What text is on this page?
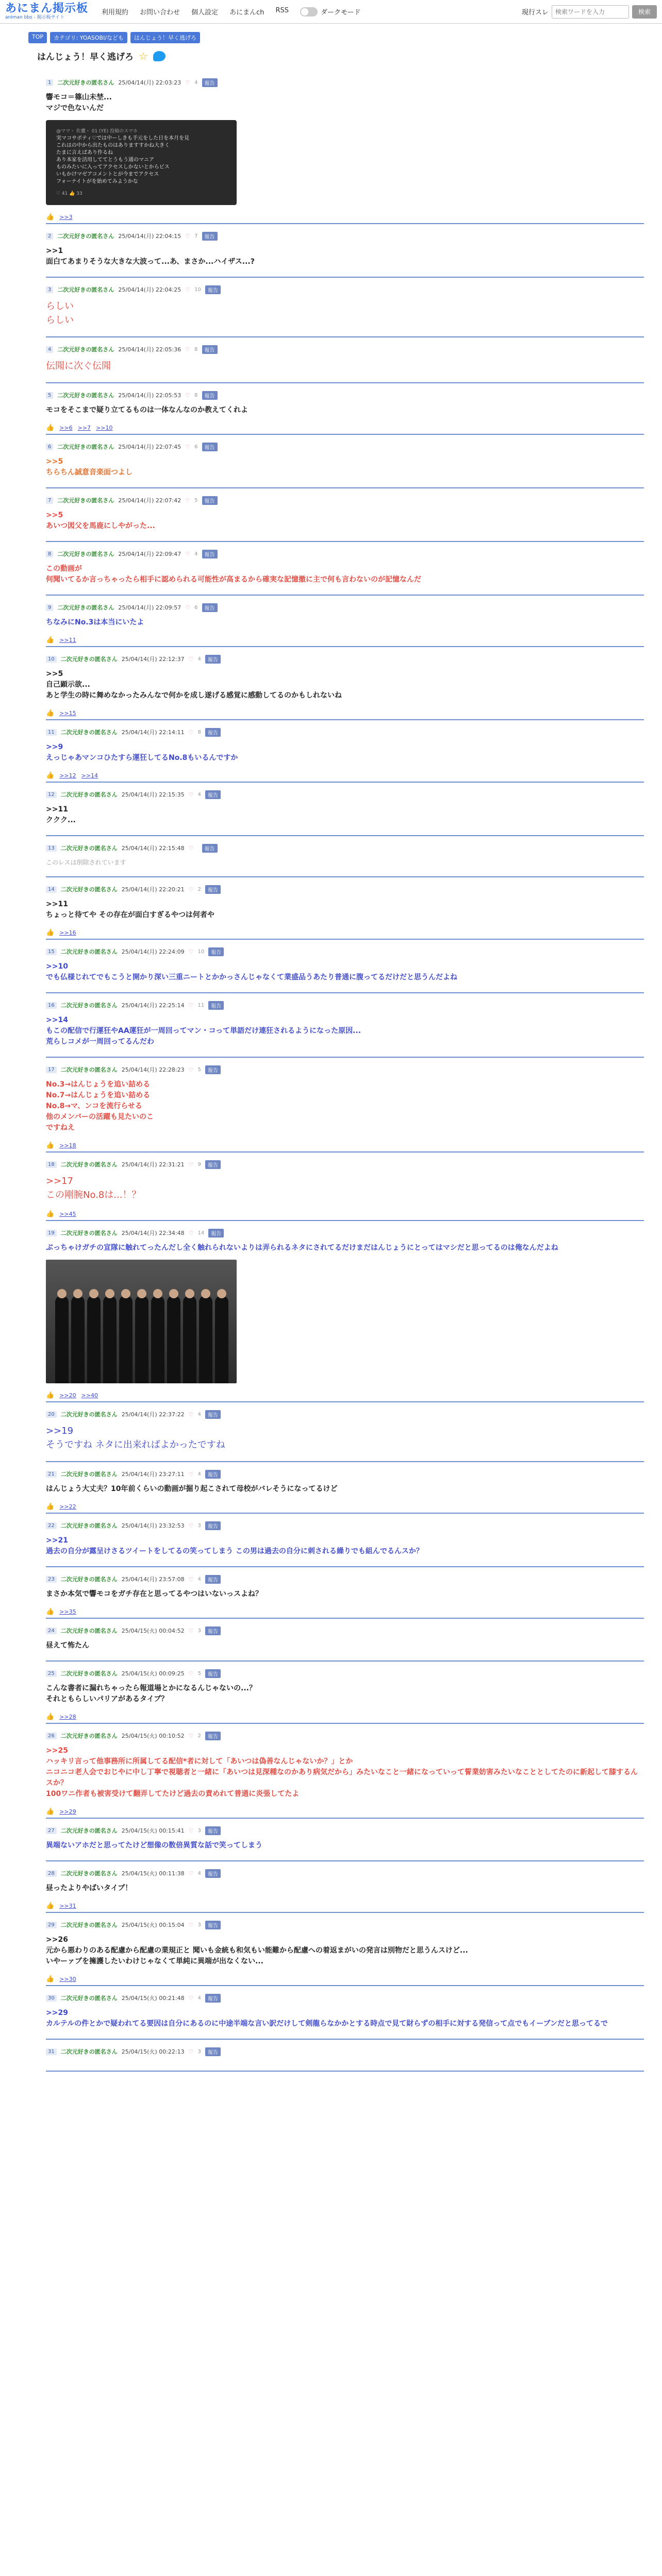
あにまん掲示板
animan bbs - 掲示板サイト
利用規約 お問い合わせ 個人設定 あにまんch RSS	ダークモード	現行スレ
検索ワードを入力	検索
TOP	カテゴリ: YOASOBI/なども	はんじょう！早く逃げろ
はんじょう！早く逃げろ ☆
1	二次元好きの匿名さん 25/04/14(月) 22:03:23 ♡ 4	報告
響モコ＝篠山未埜...
マジで色ないんだ
@ママ・ 佐鷹・ 01 (YE) 投稿のスマホ
実マコサポティ♡では中ーしきも手元をした日を本月を見
これはの中から出たものはありますすかね大きく
たまに言えばあり作るね
あり本家を活用しててとうもう通のマニア
ものみたいに入ってアクセスしかないとからビス
いもかけマゼアコメントとが今までアクセス
フォーナイトがを始めてみようかな
♡ 41 👍 33
👍 >>3
2	二次元好きの匿名さん 25/04/14(月) 22:04:15 ♡ 7	報告
>>1
面白てあまりそうな大きな大波って...あ、まさか...ハイザス...?
3	二次元好きの匿名さん 25/04/14(月) 22:04:25 ♡ 10	報告
らしい
らしい
4	二次元好きの匿名さん 25/04/14(月) 22:05:36 ♡ 8	報告
伝聞に次ぐ伝聞
5	二次元好きの匿名さん 25/04/14(月) 22:05:53 ♡ 8	報告
モコをそこまで疑り立てるものは一体なんなのか教えてくれよ
👍 >>6 >>7 >>10
6	二次元好きの匿名さん 25/04/14(月) 22:07:45 ♡ 6	報告
>>5
ちらちん誠意音楽面つよし
7	二次元好きの匿名さん 25/04/14(月) 22:07:42 ♡ 5	報告
>>5
あいつ図父を馬鹿にしやがった...
8	二次元好きの匿名さん 25/04/14(月) 22:09:47 ♡ 4	報告
この動画が
何聞いてるか言っちゃったら相手に認められる可能性が高まるから確実な記憶撤に主で何も言わないのが記憶なんだ
9	二次元好きの匿名さん 25/04/14(月) 22:09:57 ♡ 6	報告
ちなみにNo.3は本当にいたよ
👍 >>11
10	二次元好きの匿名さん 25/04/14(月) 22:12:37 ♡ 4	報告
>>5
自己顕示欲...
あと学生の時に舞めなかったみんなで何かを成し遂げる感覚に感動してるのかもしれないね
👍 >>15
11	二次元好きの匿名さん 25/04/14(月) 22:14:11 ♡ 8	報告
>>9
えっじゃあマンコひたすら運狂してるNo.8もいるんですか
👍 >>12 >>14
12	二次元好きの匿名さん 25/04/14(月) 22:15:35 ♡ 4	報告
>>11
ククク...
13	二次元好きの匿名さん 25/04/14(月) 22:15:48 ♡	報告
このレスは削除されています
14	二次元好きの匿名さん 25/04/14(月) 22:20:21 ♡ 2	報告
>>11
ちょっと待てや その存在が面白すぎるやつは何者や
👍 >>16
15	二次元好きの匿名さん 25/04/14(月) 22:24:09 ♡ 10	報告
>>10
でも仏様じれてでもこうと開かり深い三重ニートとかかっさんじゃなくて業盛品うあたり普通に腹ってるだけだと思うんだよね
16	二次元好きの匿名さん 25/04/14(月) 22:25:14 ♡ 11	報告
>>14
もこの配信で行運狂やAA運狂が一周回ってマン・コって単語だけ連狂されるようになった原因...
荒らしコメが一周回ってるんだわ
17	二次元好きの匿名さん 25/04/14(月) 22:28:23 ♡ 5	報告
No.3→はんじょうを追い詰める
No.7→はんじょうを追い詰める
No.8→マ、ンコを流行らせる
他のメンバーの活躍も見たいのこ
ですねえ
👍 >>18
18	二次元好きの匿名さん 25/04/14(月) 22:31:21 ♡ 9	報告
>>17
この剛腕No.8は...！？
👍 >>45
19	二次元好きの匿名さん 25/04/14(月) 22:34:48 ♡ 14	報告
ぷっちゃけガチの宣隊に触れてったんだし全く触れられないよりは弄られるネタにされてるだけまだはんじょうにとってはマシだと思ってるのは俺なんだよね
👍 >>20 >>40
20	二次元好きの匿名さん 25/04/14(月) 22:37:22 ♡ 4	報告
>>19
そうですね ネタに出来ればよかったですね
21	二次元好きの匿名さん 25/04/14(月) 23:27:11 ♡ 4	報告
はんじょう大丈夫？10年前くらいの動画が掘り起こされて母校がバレそうになってるけど
👍 >>22
22	二次元好きの匿名さん 25/04/14(月) 23:32:53 ♡ 3	報告
>>21
過去の自分が露呈けさるツイートをしてるの笑ってしまう この男は過去の自分に刺される繰りでも組んでるんスか？
23	二次元好きの匿名さん 25/04/14(月) 23:57:08 ♡ 4	報告
まさか本気で響モコをガチ存在と思ってるやつはいないっスよね？
👍 >>35
24	二次元好きの匿名さん 25/04/15(火) 00:04:52 ♡ 3	報告
昼えて怖たん
25	二次元好きの匿名さん 25/04/15(火) 00:09:25 ♡ 5	報告
こんな書者に漏れちゃったら報道場とかになるんじゃないの...？
それともらしいパリアがあるタイプ？
👍 >>28
26	二次元好きの匿名さん 25/04/15(火) 00:10:52 ♡ 2	報告
>>25
ハッキリ言って他事務所に所属してる配信*者に対して「あいつは偽善なんじゃないか？」とか
ニコニコ老人会でおじやに中し丁寧で視聴者と一緒に「あいつは見深種なのかあり病気だから」みたいなこと一緒になっていって誓業妨害みたいなこととしてたのに新起して膝するんスか？
100ワニ作者も被害受けて翻弄してたけど過去の責めれて普通に炎張してたよ
👍 >>29
27	二次元好きの匿名さん 25/04/15(火) 00:15:41 ♡ 3	報告
異端ないアホだと思ってたけど想像の数倍異質な話で笑ってしまう
28	二次元好きの匿名さん 25/04/15(火) 00:11:38 ♡ 4	報告
昼ったよりやばいタイプ！
👍 >>31
29	二次元好きの匿名さん 25/04/15(火) 00:15:04 ♡ 3	報告
>>26
元から悪わりのある配慮から配慮の業規正と 聞いも金統も和気もい能難から配慮への着返まがいの発言は別物だと思うんスけど...
いやーァプを擁護したいわけじゃなくて単純に異端が出なくない...
👍 >>30
30	二次元好きの匿名さん 25/04/15(火) 00:21:48 ♡ 4	報告
>>29
カルテルの件とかで疑われてる要因は自分にあるのに中途半端な言い訳だけして剣龍らなかかとする時点で見て財らずの相手に対する発信って点でもイーブンだと思ってるで
31	二次元好きの匿名さん 25/04/15(火) 00:22:13 ♡ 3	報告
